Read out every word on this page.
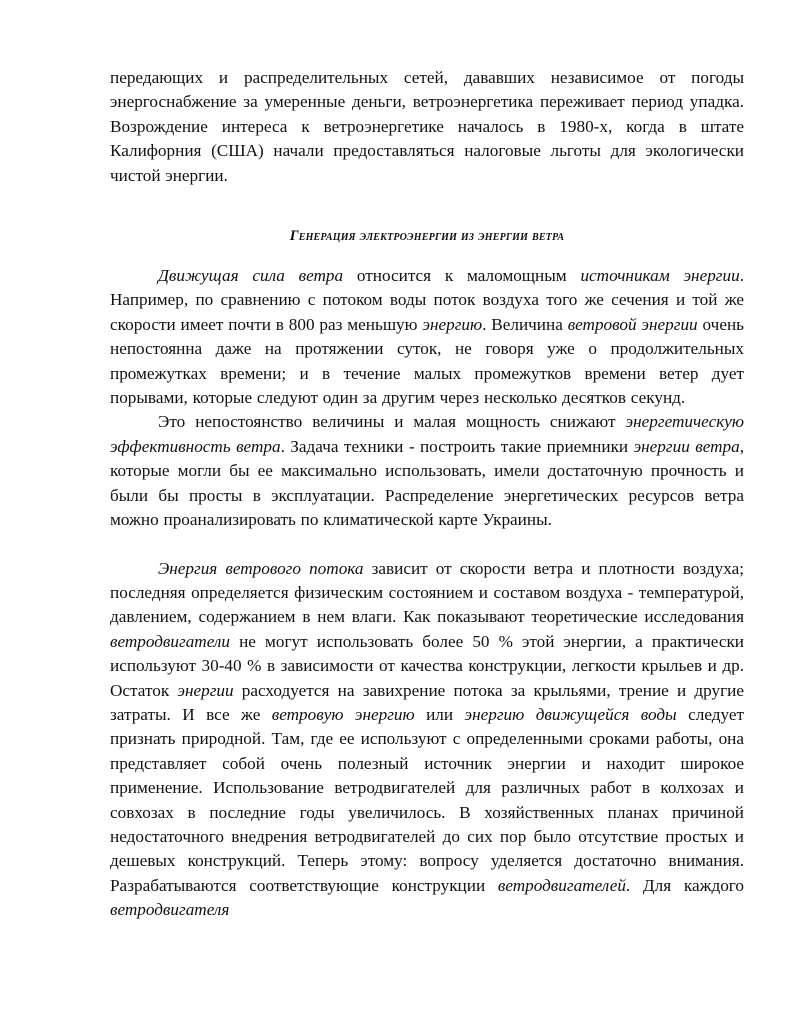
передающих и распределительных сетей, дававших независимое от погоды энергоснабжение за умеренные деньги, ветроэнергетика переживает период упадка. Возрождение интереса к ветроэнергетике началось в 1980-х, когда в штате Калифорния (США) начали предоставляться налоговые льготы для экологически чистой энергии.

Генерация электроэнергии из энергии ветра

Движущая сила ветра относится к маломощным источникам энергии. Например, по сравнению с потоком воды поток воздуха того же сечения и той же скорости имеет почти в 800 раз меньшую энергию. Величина ветровой энергии очень непостоянна даже на протяжении суток, не говоря уже о продолжительных промежутках времени; и в течение малых промежутков времени ветер дует порывами, которые следуют один за другим через несколько десятков секунд.

Это непостоянство величины и малая мощность снижают энергетическую эффективность ветра. Задача техники - построить такие приемники энергии ветра, которые могли бы ее максимально использовать, имели достаточную прочность и были бы просты в эксплуатации. Распределение энергетических ресурсов ветра можно проанализировать по климатической карте Украины.

Энергия ветрового потока зависит от скорости ветра и плотности воздуха; последняя определяется физическим состоянием и составом воздуха - температурой, давлением, содержанием в нем влаги. Как показывают теоретические исследования ветродвигатели не могут использовать более 50 % этой энергии, а практически используют 30-40 % в зависимости от качества конструкции, легкости крыльев и др. Остаток энергии расходуется на завихрение потока за крыльями, трение и другие затраты. И все же ветровую энергию или энергию движущейся воды следует признать природной. Там, где ее используют с определенными сроками работы, она представляет собой очень полезный источник энергии и находит широкое применение. Использование ветродвигателей для различных работ в колхозах и совхозах в последние годы увеличилось. В хозяйственных планах причиной недостаточного внедрения ветродвигателей до сих пор было отсутствие простых и дешевых конструкций. Теперь этому: вопросу уделяется достаточно внимания. Разрабатываются соответствующие конструкции ветродвигателей. Для каждого ветродвигателя
